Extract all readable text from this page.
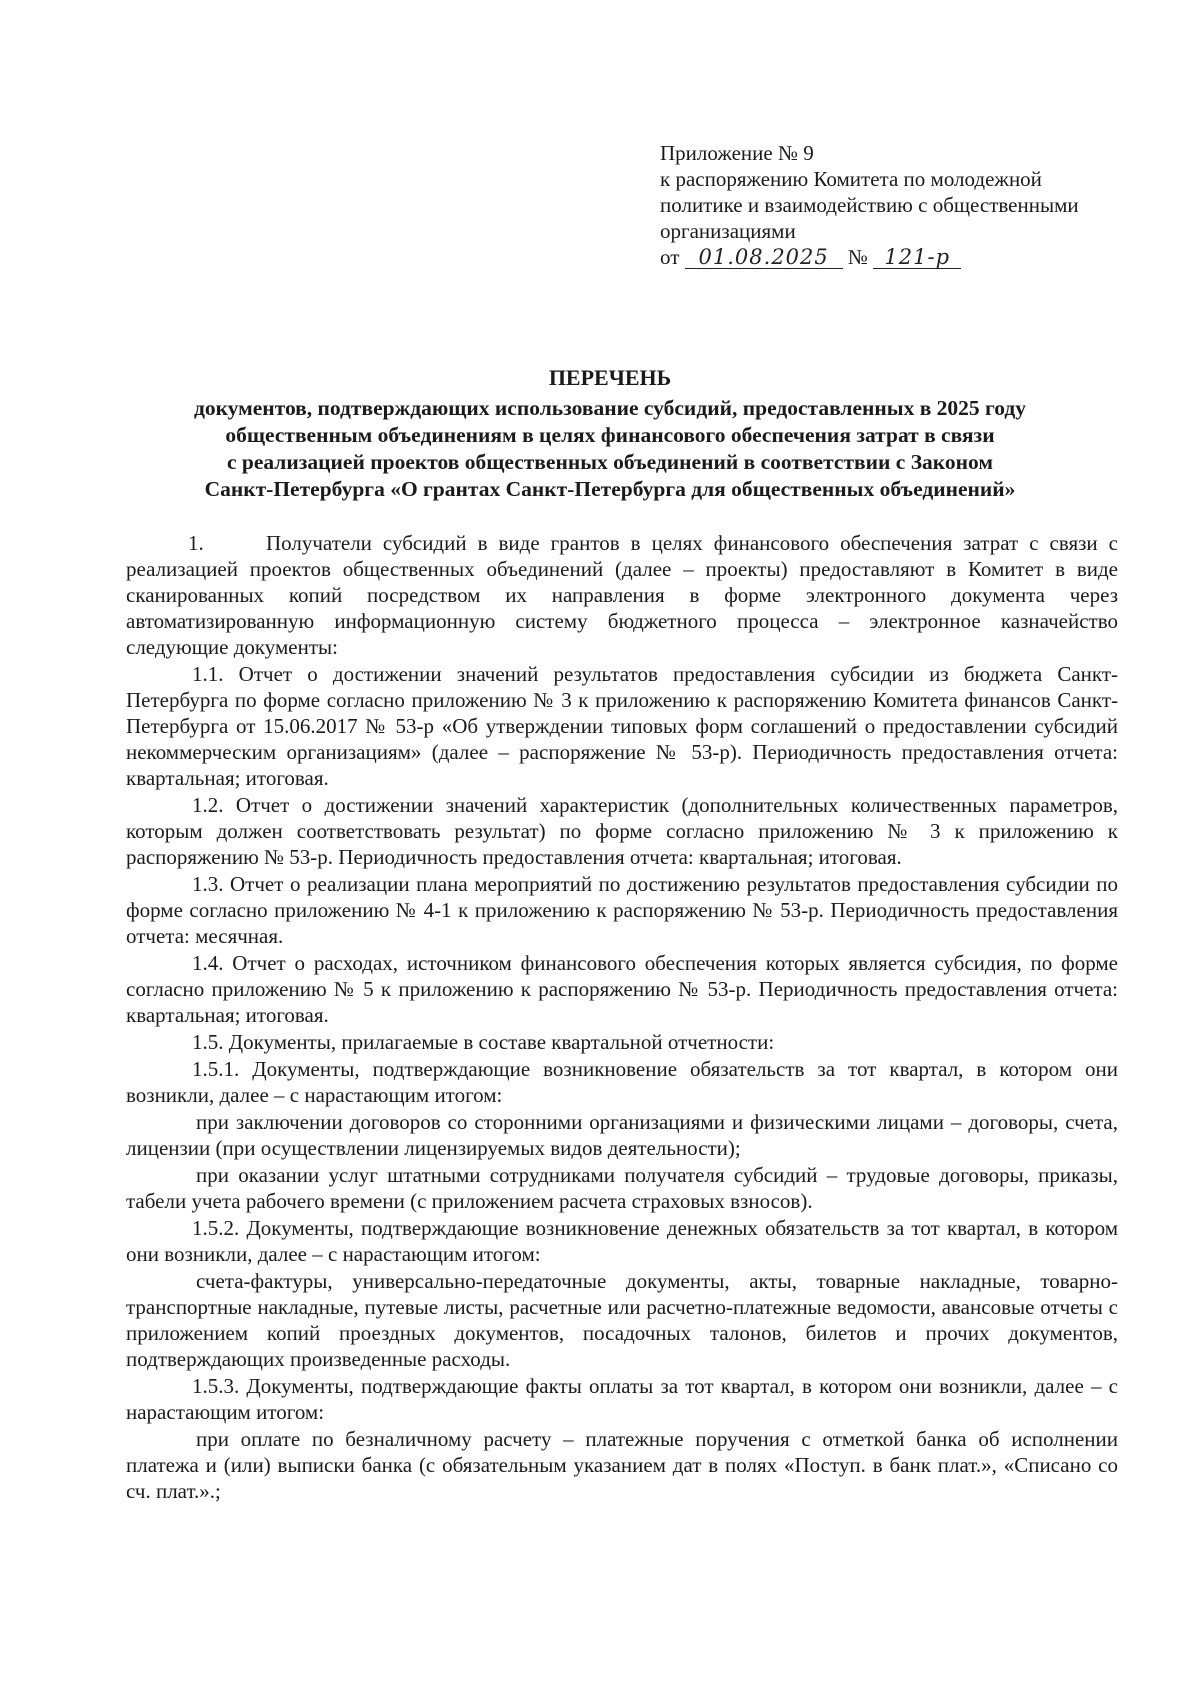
Приложение № 9
к распоряжению Комитета по молодежной
политике и взаимодействию с общественными
организациями
от 01.08.2025 № 121-р
ПЕРЕЧЕНЬ
документов, подтверждающих использование субсидий, предоставленных в 2025 году
общественным объединениям в целях финансового обеспечения затрат в связи
с реализацией проектов общественных объединений в соответствии с Законом
Санкт-Петербурга «О грантах Санкт-Петербурга для общественных объединений»

1.	Получатели субсидий в виде грантов в целях финансового обеспечения затрат с связи с реализацией проектов общественных объединений (далее – проекты) предоставляют в Комитет в виде сканированных копий посредством их направления в форме электронного документа через автоматизированную информационную систему бюджетного процесса – электронное казначейство следующие документы:

1.1. Отчет о достижении значений результатов предоставления субсидии из бюджета Санкт-Петербурга по форме согласно приложению № 3 к приложению к распоряжению Комитета финансов Санкт-Петербурга от 15.06.2017 № 53-р «Об утверждении типовых форм соглашений о предоставлении субсидий некоммерческим организациям» (далее – распоряжение № 53-р). Периодичность предоставления отчета: квартальная; итоговая.

1.2. Отчет о достижении значений характеристик (дополнительных количественных параметров, которым должен соответствовать результат) по форме согласно приложению № 3 к приложению к распоряжению № 53-р. Периодичность предоставления отчета: квартальная; итоговая.

1.3. Отчет о реализации плана мероприятий по достижению результатов предоставления субсидии по форме согласно приложению № 4-1 к приложению к распоряжению № 53-р. Периодичность предоставления отчета: месячная.

1.4. Отчет о расходах, источником финансового обеспечения которых является субсидия, по форме согласно приложению № 5 к приложению к распоряжению № 53-р. Периодичность предоставления отчета: квартальная; итоговая.

1.5. Документы, прилагаемые в составе квартальной отчетности:

1.5.1. Документы, подтверждающие возникновение обязательств за тот квартал, в котором они возникли, далее – с нарастающим итогом:

при заключении договоров со сторонними организациями и физическими лицами – договоры, счета, лицензии (при осуществлении лицензируемых видов деятельности);

при оказании услуг штатными сотрудниками получателя субсидий – трудовые договоры, приказы, табели учета рабочего времени (с приложением расчета страховых взносов).

1.5.2. Документы, подтверждающие возникновение денежных обязательств за тот квартал, в котором они возникли, далее – с нарастающим итогом:

счета-фактуры, универсально-передаточные документы, акты, товарные накладные, товарно-транспортные накладные, путевые листы, расчетные или расчетно-платежные ведомости, авансовые отчеты с приложением копий проездных документов, посадочных талонов, билетов и прочих документов, подтверждающих произведенные расходы.

1.5.3. Документы, подтверждающие факты оплаты за тот квартал, в котором они возникли, далее – с нарастающим итогом:

при оплате по безналичному расчету – платежные поручения с отметкой банка об исполнении платежа и (или) выписки банка (с обязательным указанием дат в полях «Поступ. в банк плат.», «Списано со сч. плат.».;
